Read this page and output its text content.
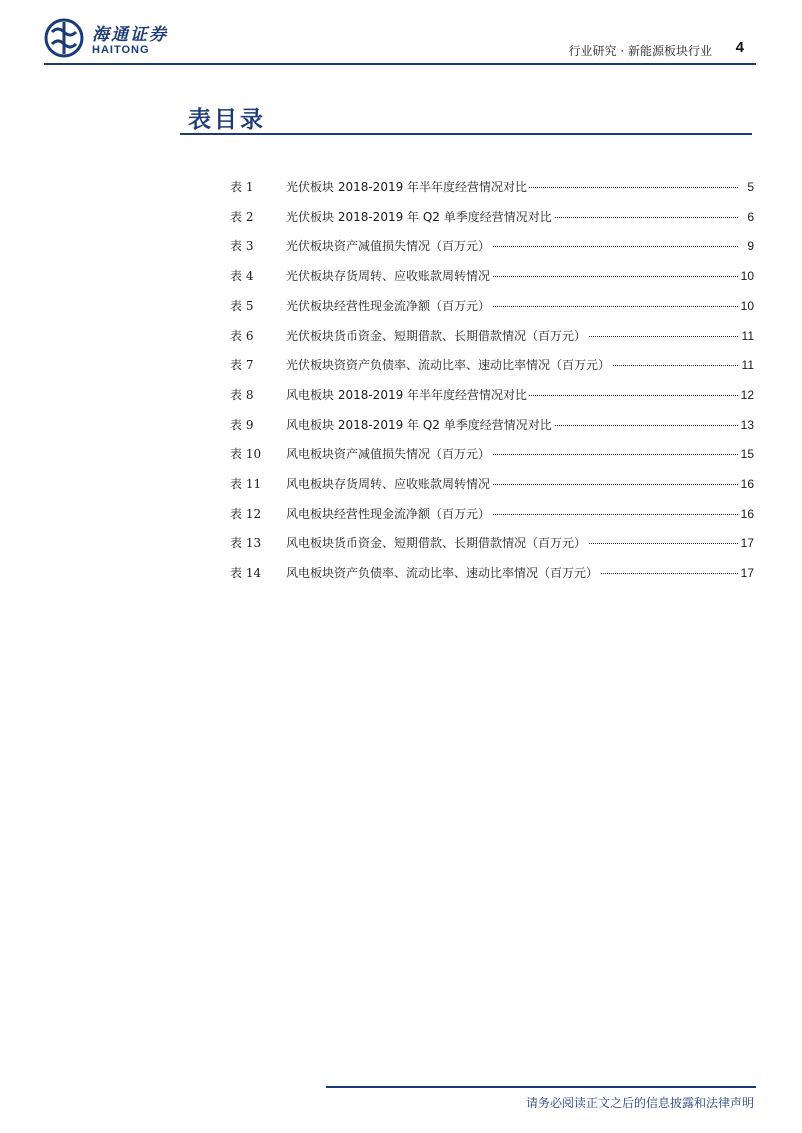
海通证券
HAITONG	行业研究 · 新能源板块行业 4
表目录
表 1	光伏板块 2018-2019 年半年度经营情况对比	5
表 2	光伏板块 2018-2019 年 Q2 单季度经营情况对比	6
表 3	光伏板块资产减值损失情况（百万元）	9
表 4	光伏板块存货周转、应收账款周转情况	10
表 5	光伏板块经营性现金流净额（百万元）	10
表 6	光伏板块货币资金、短期借款、长期借款情况（百万元）	11
表 7	光伏板块资资产负债率、流动比率、速动比率情况（百万元）	11
表 8	风电板块 2018-2019 年半年度经营情况对比	12
表 9	风电板块 2018-2019 年 Q2 单季度经营情况对比	13
表 10 风电板块资产减值损失情况（百万元）	15
表 11 风电板块存货周转、应收账款周转情况	16
表 12 风电板块经营性现金流净额（百万元）	16
表 13 风电板块货币资金、短期借款、长期借款情况（百万元）	17
表 14 风电板块资产负债率、流动比率、速动比率情况（百万元）	17
请务必阅读正文之后的信息披露和法律声明
